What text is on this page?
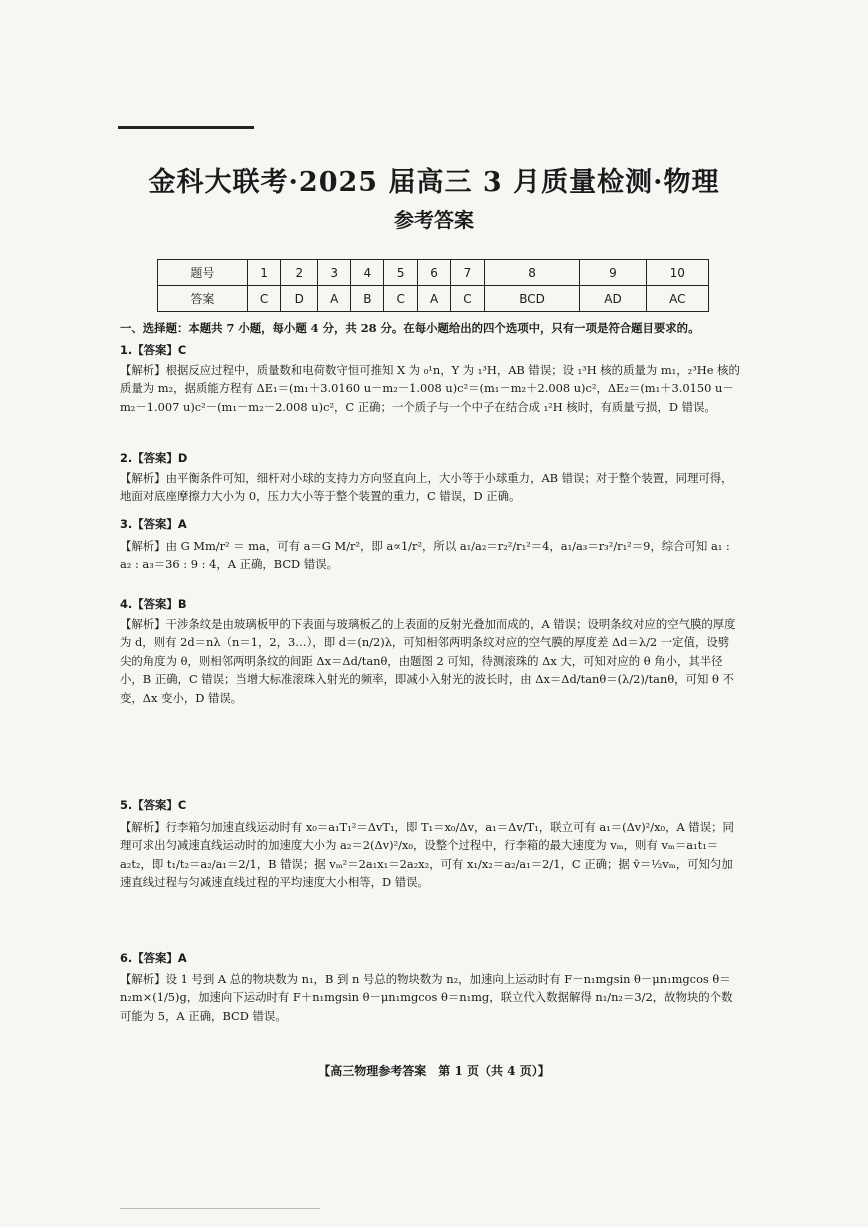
金科大联考·2025 届高三 3 月质量检测·物理
参考答案
题号	1	2	3	4	5	6	7	8	9	10
答案	C	D	A	B	C	A	C	BCD	AD	AC
一、选择题：本题共 7 小题，每小题 4 分，共 28 分。在每小题给出的四个选项中，只有一项是符合题目要求的。
1.【答案】C
【解析】根据反应过程中，质量数和电荷数守恒可推知 X 为 ₀¹n，Y 为 ₁³H，AB 错误；设 ₁³H 核的质量为 m₁，₂³He 核的质量为 m₂，据质能方程有 ΔE₁＝(m₁＋3.0160 u－m₂－1.008 u)c²＝(m₁－m₂＋2.008 u)c²，ΔE₂＝(m₁＋3.0150 u－m₂－1.007 u)c²－(m₁－m₂－2.008 u)c²，C 正确；一个质子与一个中子在结合成 ₁²H 核时，有质量亏损，D 错误。
2.【答案】D
【解析】由平衡条件可知，细杆对小球的支持力方向竖直向上，大小等于小球重力，AB 错误；对于整个装置，同理可得，地面对底座摩擦力大小为 0，压力大小等于整个装置的重力，C 错误，D 正确。
3.【答案】A
【解析】由 G Mm/r² ＝ ma，可有 a＝G M/r²，即 a∝1/r²，所以 a₁/a₂＝r₂²/r₁²＝4，a₁/a₃＝r₃²/r₁²＝9，综合可知 a₁ : a₂ : a₃＝36 : 9 : 4，A 正确，BCD 错误。
4.【答案】B
【解析】干涉条纹是由玻璃板甲的下表面与玻璃板乙的上表面的反射光叠加而成的，A 错误；设明条纹对应的空气膜的厚度为 d，则有 2d＝nλ（n＝1，2，3…），即 d＝(n/2)λ，可知相邻两明条纹对应的空气膜的厚度差 Δd＝λ/2 一定值，设劈尖的角度为 θ，则相邻两明条纹的间距 Δx＝Δd/tanθ，由题图 2 可知，待测滚珠的 Δx 大，可知对应的 θ 角小，其半径小，B 正确，C 错误；当增大标准滚珠入射光的频率，即减小入射光的波长时，由 Δx＝Δd/tanθ＝(λ/2)/tanθ，可知 θ 不变，Δx 变小，D 错误。
5.【答案】C
【解析】行李箱匀加速直线运动时有 x₀＝a₁T₁²＝ΔvT₁，即 T₁＝x₀/Δv，a₁＝Δv/T₁，联立可有 a₁＝(Δv)²/x₀，A 错误；同理可求出匀减速直线运动时的加速度大小为 a₂＝2(Δv)²/x₀，设整个过程中，行李箱的最大速度为 vₘ，则有 vₘ＝a₁t₁＝a₂t₂，即 t₁/t₂＝a₂/a₁＝2/1，B 错误；据 vₘ²＝2a₁x₁＝2a₂x₂，可有 x₁/x₂＝a₂/a₁＝2/1，C 正确；据 v̄＝½vₘ，可知匀加速直线过程与匀减速直线过程的平均速度大小相等，D 错误。
6.【答案】A
【解析】设 1 号到 A 总的物块数为 n₁，B 到 n 号总的物块数为 n₂，加速向上运动时有 F－n₁mgsin θ－μn₁mgcos θ＝n₂m×(1/5)g，加速向下运动时有 F＋n₁mgsin θ－μn₁mgcos θ＝n₁mg，联立代入数据解得 n₁/n₂＝3/2，故物块的个数可能为 5，A 正确，BCD 错误。
【高三物理参考答案　第 1 页（共 4 页）】
